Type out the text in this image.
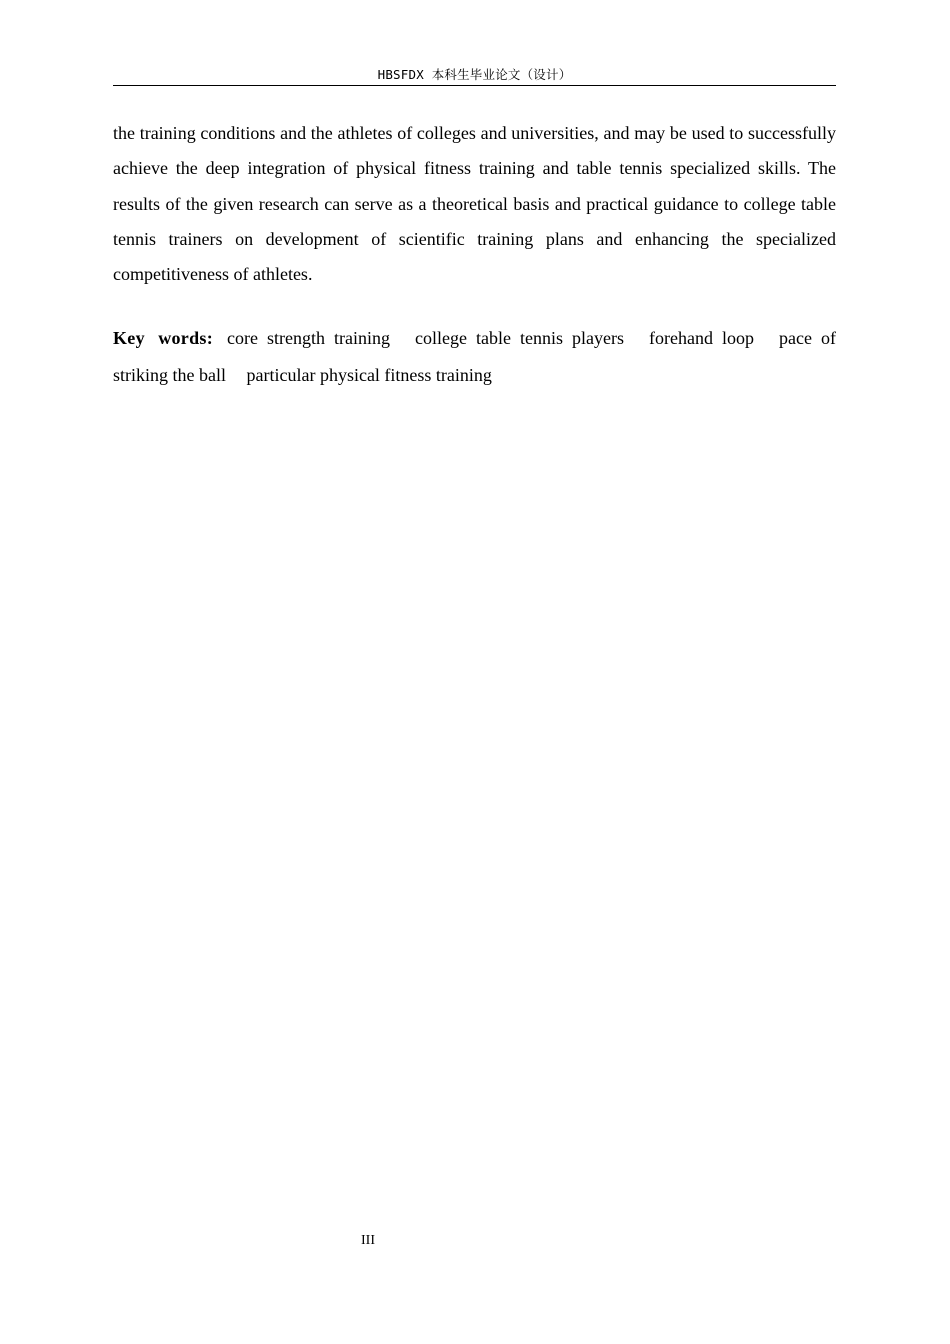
HBSFDX 本科生毕业论文（设计）

the training conditions and the athletes of colleges and universities, and may be used to successfully achieve the deep integration of physical fitness training and table tennis specialized skills. The results of the given research can serve as a theoretical basis and practical guidance to college table tennis trainers on development of scientific training plans and enhancing the specialized competitiveness of athletes.

Key words: core strength training college table tennis players forehand loop pace of striking the ball particular physical fitness training

III
